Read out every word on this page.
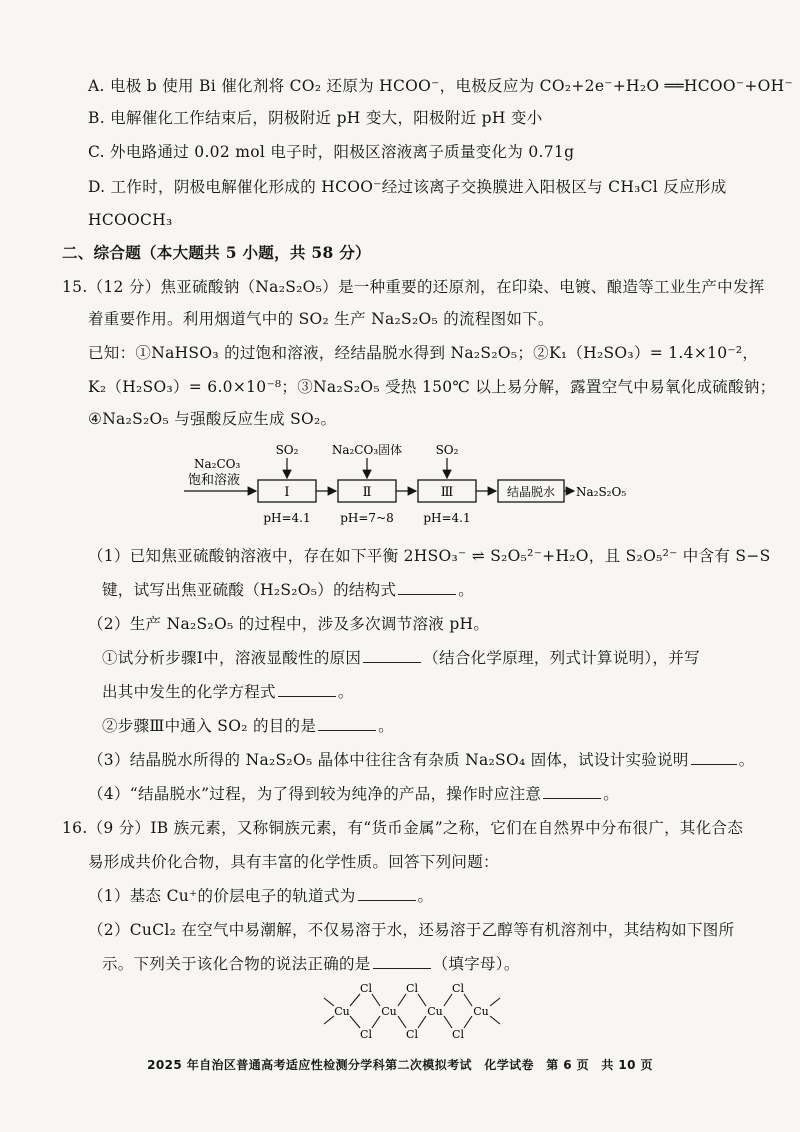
A. 电极 b 使用 Bi 催化剂将 CO₂ 还原为 HCOO⁻，电极反应为 CO₂+2e⁻+H₂O ══HCOO⁻+OH⁻
B. 电解催化工作结束后，阴极附近 pH 变大，阳极附近 pH 变小
C. 外电路通过 0.02 mol 电子时，阳极区溶液离子质量变化为 0.71g
D. 工作时，阴极电解催化形成的 HCOO⁻经过该离子交换膜进入阳极区与 CH₃Cl 反应形成
HCOOCH₃
二、综合题（本大题共 5 小题，共 58 分）
15.（12 分）焦亚硫酸钠（Na₂S₂O₅）是一种重要的还原剂，在印染、电镀、酿造等工业生产中发挥
着重要作用。利用烟道气中的 SO₂ 生产 Na₂S₂O₅ 的流程图如下。
已知：①NaHSO₃ 的过饱和溶液，经结晶脱水得到 Na₂S₂O₅；②K₁（H₂SO₃）= 1.4×10⁻²，
K₂（H₂SO₃）= 6.0×10⁻⁸；③Na₂S₂O₅ 受热 150℃ 以上易分解，露置空气中易氧化成硫酸钠；
④Na₂S₂O₅ 与强酸反应生成 SO₂。
Na₂CO₃
饱和溶液
Ⅰ	Ⅱ	Ⅲ	结晶脱水 Na₂S₂O₅
SO₂	Na₂CO₃固体	SO₂
pH=4.1 pH=7~8 pH=4.1
（1）已知焦亚硫酸钠溶液中，存在如下平衡 2HSO₃⁻ ⇌ S₂O₅²⁻+H₂O，且 S₂O₅²⁻ 中含有 S−S
键，试写出焦亚硫酸（H₂S₂O₅）的结构式	。
（2）生产 Na₂S₂O₅ 的过程中，涉及多次调节溶液 pH。
①试分析步骤Ⅰ中，溶液显酸性的原因	（结合化学原理，列式计算说明），并写
出其中发生的化学方程式	。
②步骤Ⅲ中通入 SO₂ 的目的是	。
（3）结晶脱水所得的 Na₂S₂O₅ 晶体中往往含有杂质 Na₂SO₄ 固体，试设计实验说明	。
（4）“结晶脱水”过程，为了得到较为纯净的产品，操作时应注意	。
16.（9 分）IB 族元素，又称铜族元素，有“货币金属”之称，它们在自然界中分布很广，其化合态
易形成共价化合物，具有丰富的化学性质。回答下列问题：
（1）基态 Cu⁺的价层电子的轨道式为	。
（2）CuCl₂ 在空气中易潮解，不仅易溶于水，还易溶于乙醇等有机溶剂中，其结构如下图所
示。下列关于该化合物的说法正确的是	（填字母）。
Cu	Cu	Cu	Cu
Cl	Cl	Cl
Cl	Cl	Cl
2025 年自治区普通高考适应性检测分学科第二次模拟考试　化学试卷　第 6 页　共 10 页
